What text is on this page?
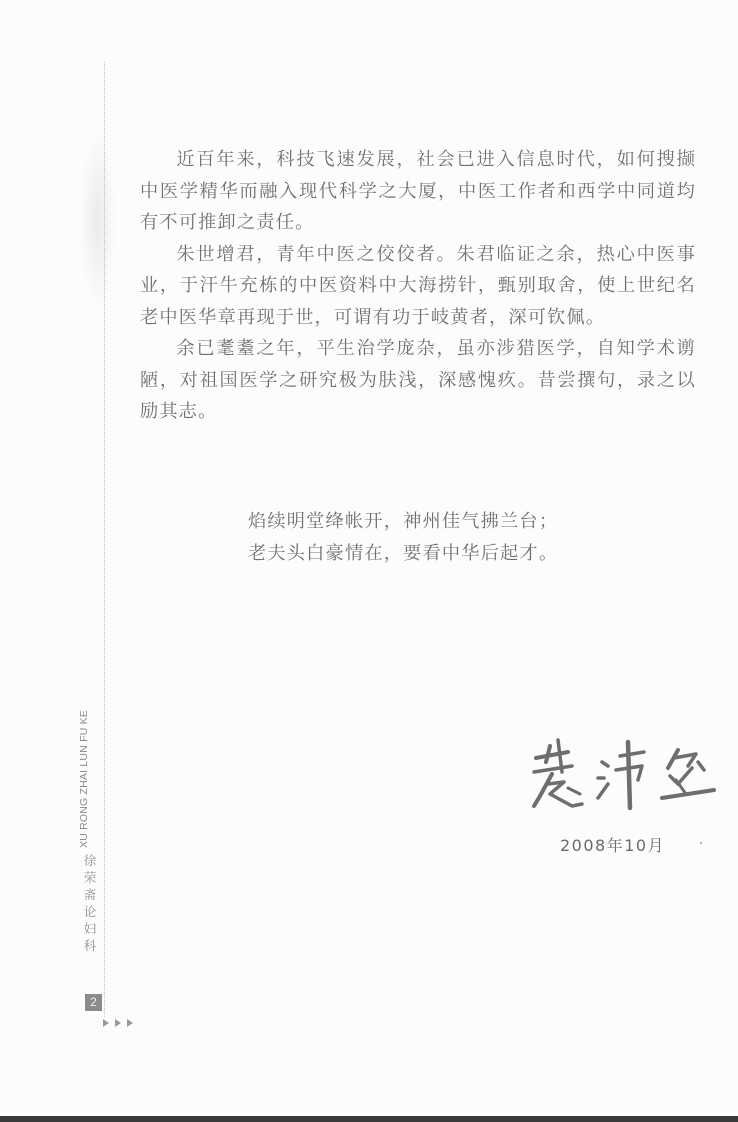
近百年来，科技飞速发展，社会已进入信息时代，如何搜撷中医学精华而融入现代科学之大厦，中医工作者和西学中同道均有不可推卸之责任。

朱世增君，青年中医之佼佼者。朱君临证之余，热心中医事业，于汗牛充栋的中医资料中大海捞针，甄别取舍，使上世纪名老中医华章再现于世，可谓有功于岐黄者，深可钦佩。

余已耄耋之年，平生治学庞杂，虽亦涉猎医学，自知学术谫陋，对祖国医学之研究极为肤浅，深感愧疚。昔尝撰句，录之以励其志。

焰续明堂绛帐开，神州佳气拂兰台；
老夫头白豪情在，要看中华后起才。
2008年10月
XU RONG ZHAI LUN FU KE
徐
荣
斋
论
妇
科
2
